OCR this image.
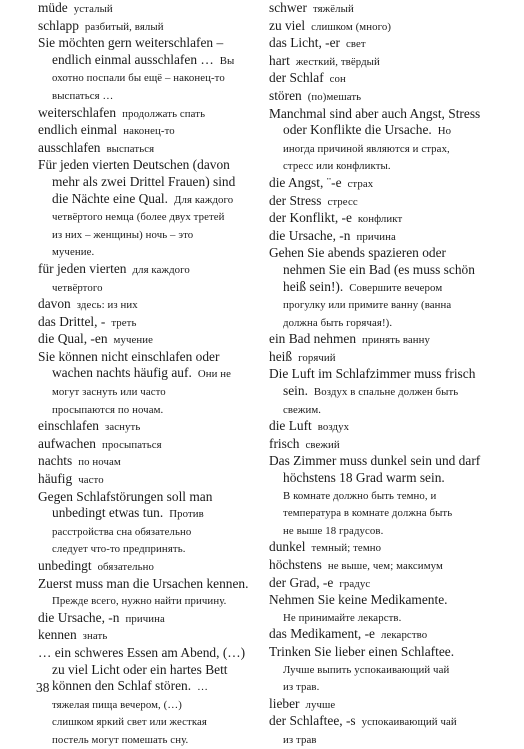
müde усталый
schlapp разбитый, вялый
Sie möchten gern weiterschlafen –
endlich einmal ausschlafen … Вы
охотно поспали бы ещё – наконец-то
выспаться …
weiterschlafen продолжать спать
endlich einmal наконец-то
ausschlafen выспаться
Für jeden vierten Deutschen (davon
mehr als zwei Drittel Frauen) sind
die Nächte eine Qual. Для каждого
четвёртого немца (более двух третей
из них – женщины) ночь – это
мучение.
für jeden vierten для каждого
четвёртого
davon здесь: из них
das Drittel, - треть
die Qual, -en мучение
Sie können nicht einschlafen oder
wachen nachts häufig auf. Они не
могут заснуть или часто
просыпаются по ночам.
einschlafen заснуть
aufwachen просыпаться
nachts по ночам
häufig часто
Gegen Schlafstörungen soll man
unbedingt etwas tun. Против
расстройства сна обязательно
следует что-то предпринять.
unbedingt обязательно
Zuerst muss man die Ursachen kennen.
Прежде всего, нужно найти причину.
die Ursache, -n причина
kennen знать
… ein schweres Essen am Abend, (…)
zu viel Licht oder ein hartes Bett
können den Schlaf stören. …
тяжелая пища вечером, (…)
слишком яркий свет или жесткая
постель могут помешать сну.
schwer тяжёлый
zu viel слишком (много)
das Licht, -er свет
hart жесткий, твёрдый
der Schlaf сон
stören (по)мешать
Manchmal sind aber auch Angst, Stress
oder Konflikte die Ursache. Но
иногда причиной являются и страх,
стресс или конфликты.
die Angst, ¨-e страх
der Stress стресс
der Konflikt, -e конфликт
die Ursache, -n причина
Gehen Sie abends spazieren oder
nehmen Sie ein Bad (es muss schön
heiß sein!). Совершите вечером
прогулку или примите ванну (ванна
должна быть горячая!).
ein Bad nehmen принять ванну
heiß горячий
Die Luft im Schlafzimmer muss frisch
sein. Воздух в спальне должен быть
свежим.
die Luft воздух
frisch свежий
Das Zimmer muss dunkel sein und darf
höchstens 18 Grad warm sein.
В комнате должно быть темно, и
температура в комнате должна быть
не выше 18 градусов.
dunkel темный; темно
höchstens не выше, чем; максимум
der Grad, -e градус
Nehmen Sie keine Medikamente.
Не принимайте лекарств.
das Medikament, -e лекарство
Trinken Sie lieber einen Schlaftee.
Лучше выпить успокаивающий чай
из трав.
lieber лучше
der Schlaftee, -s успокаивающий чай
из трав
38
